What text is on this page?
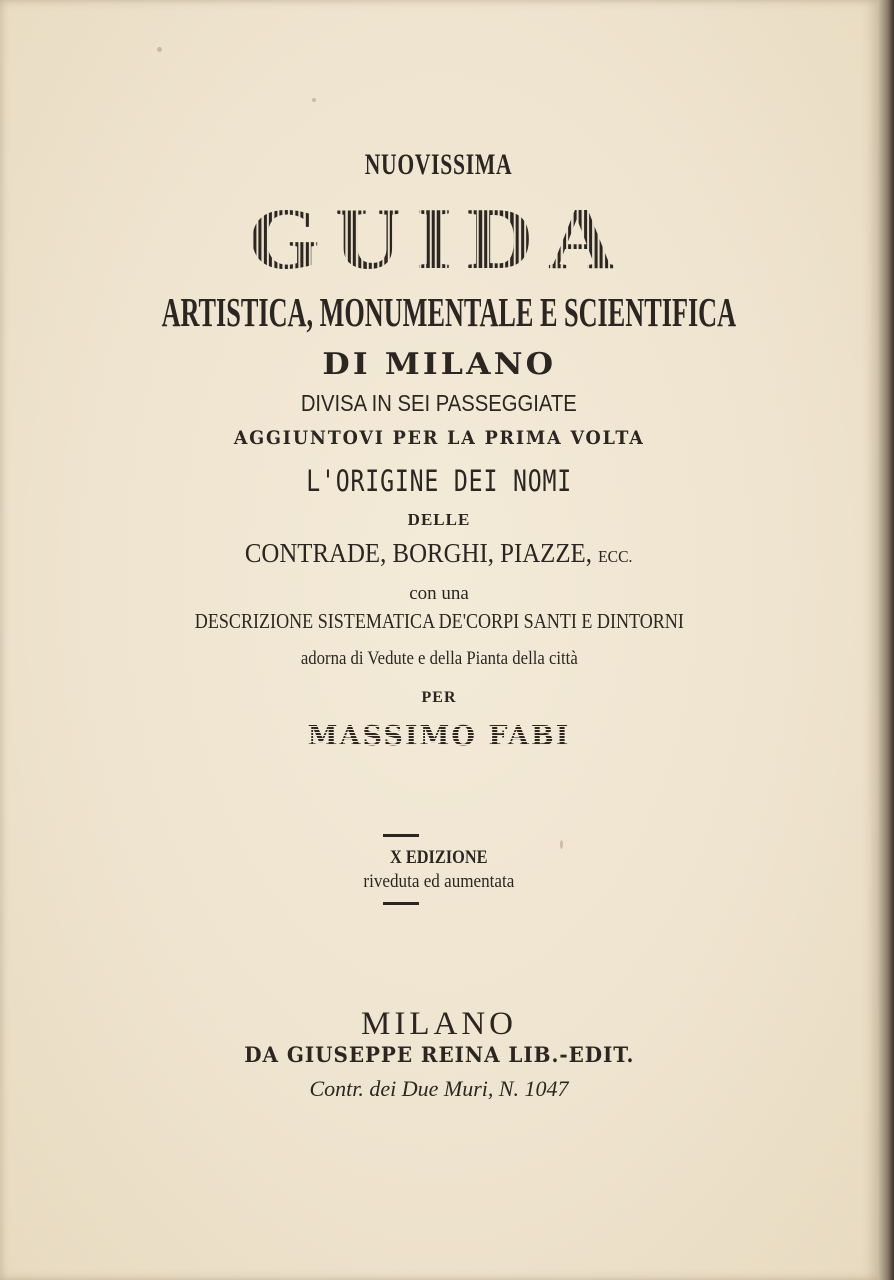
NUOVISSIMA
GUIDA
ARTISTICA, MONUMENTALE E SCIENTIFICA
DI MILANO
DIVISA IN SEI PASSEGGIATE
AGGIUNTOVI PER LA PRIMA VOLTA
L'ORIGINE DEI NOMI
DELLE
CONTRADE, BORGHI, PIAZZE, ECC.
con una
DESCRIZIONE SISTEMATICA DE'CORPI SANTI E DINTORNI
adorna di Vedute e della Pianta della città
PER
MASSIMO FABI
X EDIZIONE
riveduta ed aumentata
MILANO
DA GIUSEPPE REINA LIB.-EDIT.
Contr. dei Due Muri, N. 1047
